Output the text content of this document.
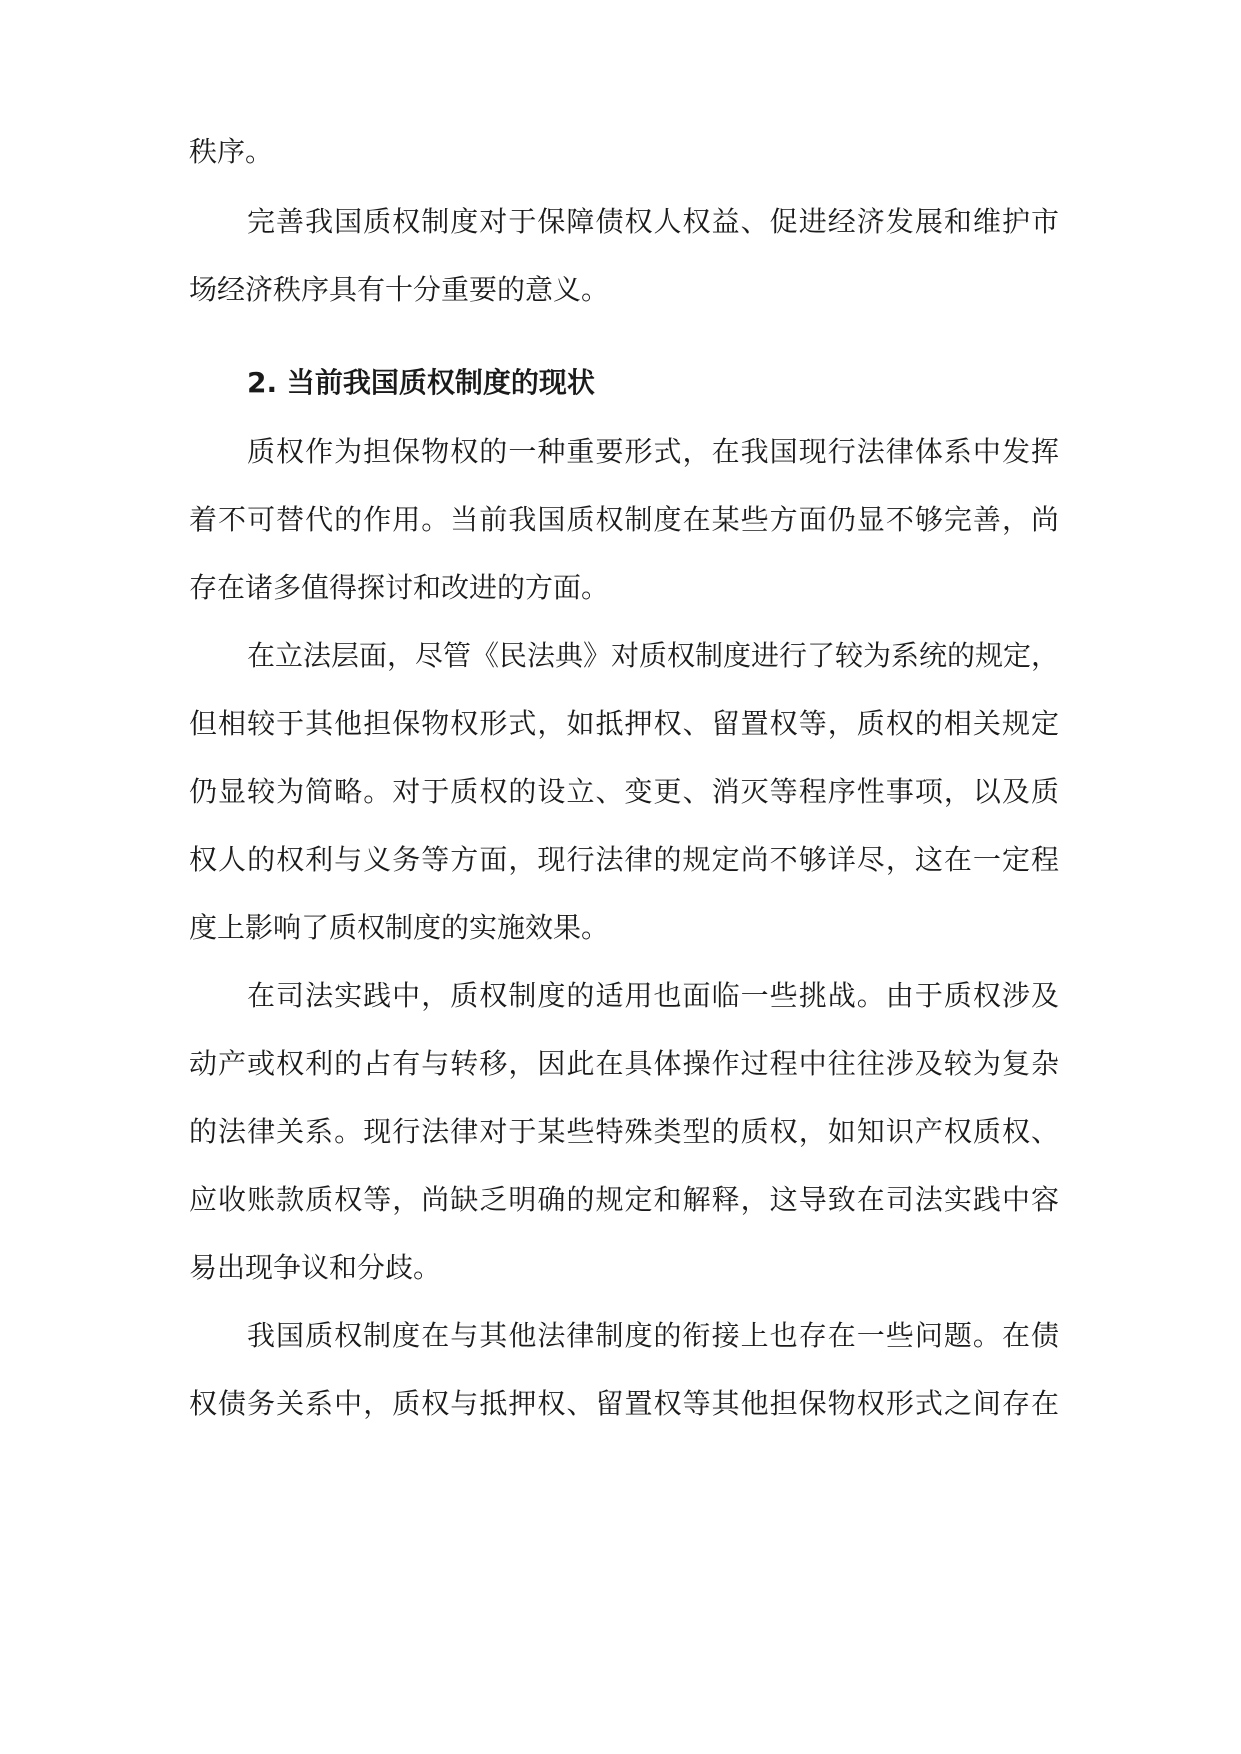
秩序。
完善我国质权制度对于保障债权人权益、促进经济发展和维护市
场经济秩序具有十分重要的意义。
2. 当前我国质权制度的现状
质权作为担保物权的一种重要形式，在我国现行法律体系中发挥
着不可替代的作用。当前我国质权制度在某些方面仍显不够完善，尚
存在诸多值得探讨和改进的方面。
在立法层面，尽管《民法典》对质权制度进行了较为系统的规定，
但相较于其他担保物权形式，如抵押权、留置权等，质权的相关规定
仍显较为简略。对于质权的设立、变更、消灭等程序性事项，以及质
权人的权利与义务等方面，现行法律的规定尚不够详尽，这在一定程
度上影响了质权制度的实施效果。
在司法实践中，质权制度的适用也面临一些挑战。由于质权涉及
动产或权利的占有与转移，因此在具体操作过程中往往涉及较为复杂
的法律关系。现行法律对于某些特殊类型的质权，如知识产权质权、
应收账款质权等，尚缺乏明确的规定和解释，这导致在司法实践中容
易出现争议和分歧。
我国质权制度在与其他法律制度的衔接上也存在一些问题。在债
权债务关系中，质权与抵押权、留置权等其他担保物权形式之间存在
